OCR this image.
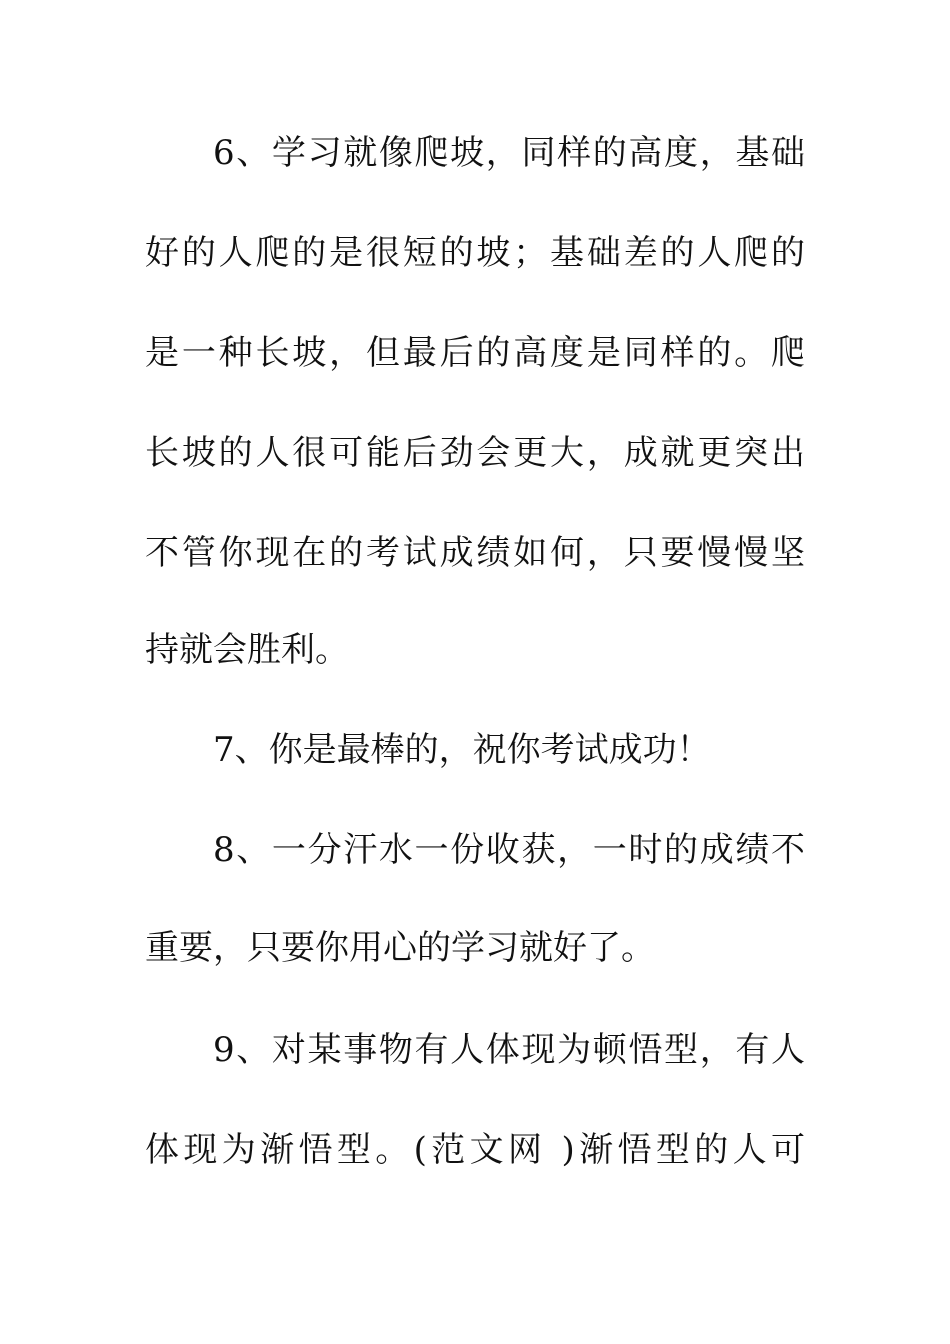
6、学习就像爬坡，同样的高度，基础
好的人爬的是很短的坡；基础差的人爬的
是一种长坡，但最后的高度是同样的。爬
长坡的人很可能后劲会更大，成就更突出
不管你现在的考试成绩如何，只要慢慢坚
持就会胜利。
7、你是最棒的，祝你考试成功！
8、一分汗水一份收获，一时的成绩不
重要，只要你用心的学习就好了。
9、对某事物有人体现为顿悟型，有人
体现为渐悟型。(范文网 )渐悟型的人可
